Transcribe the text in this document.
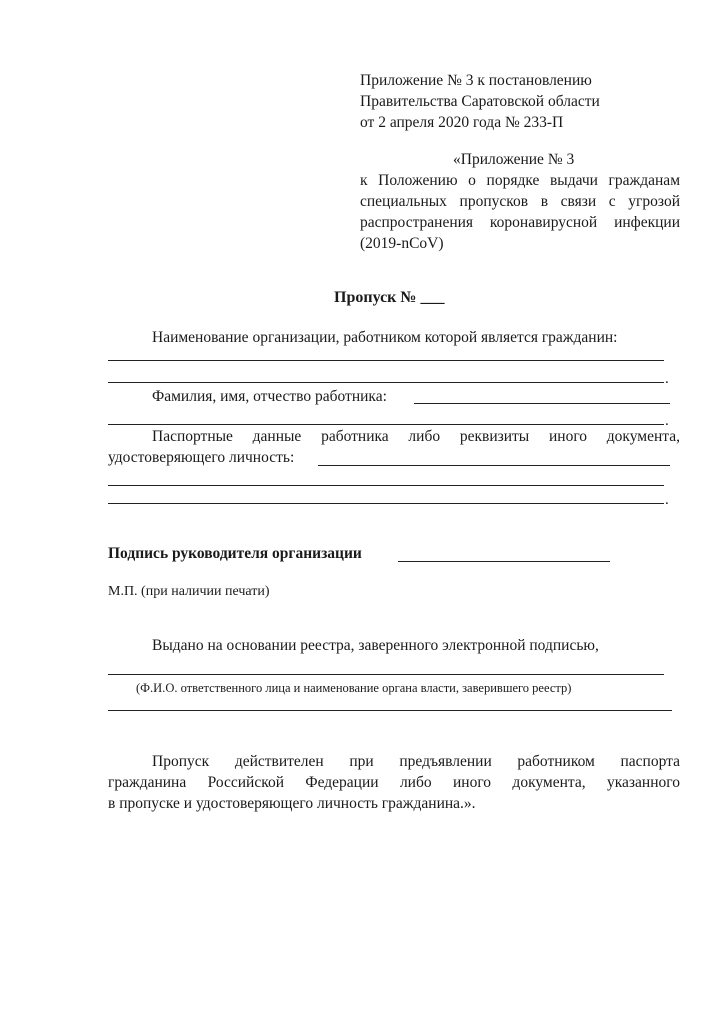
Приложение № 3 к постановлению
Правительства Саратовской области
от 2 апреля 2020 года № 233-П
«Приложение № 3
к Положению о порядке выдачи гражданам
специальных пропусков в связи с угрозой
распространения коронавирусной инфекции
(2019-nCoV)
Пропуск № ___
Наименование организации, работником которой является гражданин:
.
Фамилия, имя, отчество работника:
.
Паспортные данные работника либо реквизиты иного документа,
удостоверяющего личность:
.
Подпись руководителя организации
М.П. (при наличии печати)
Выдано на основании реестра, заверенного электронной подписью,
(Ф.И.О. ответственного лица и наименование органа власти, заверившего реестр)
Пропуск действителен при предъявлении работником паспорта
гражданина Российской Федерации либо иного документа, указанного
в пропуске и удостоверяющего личность гражданина.».
